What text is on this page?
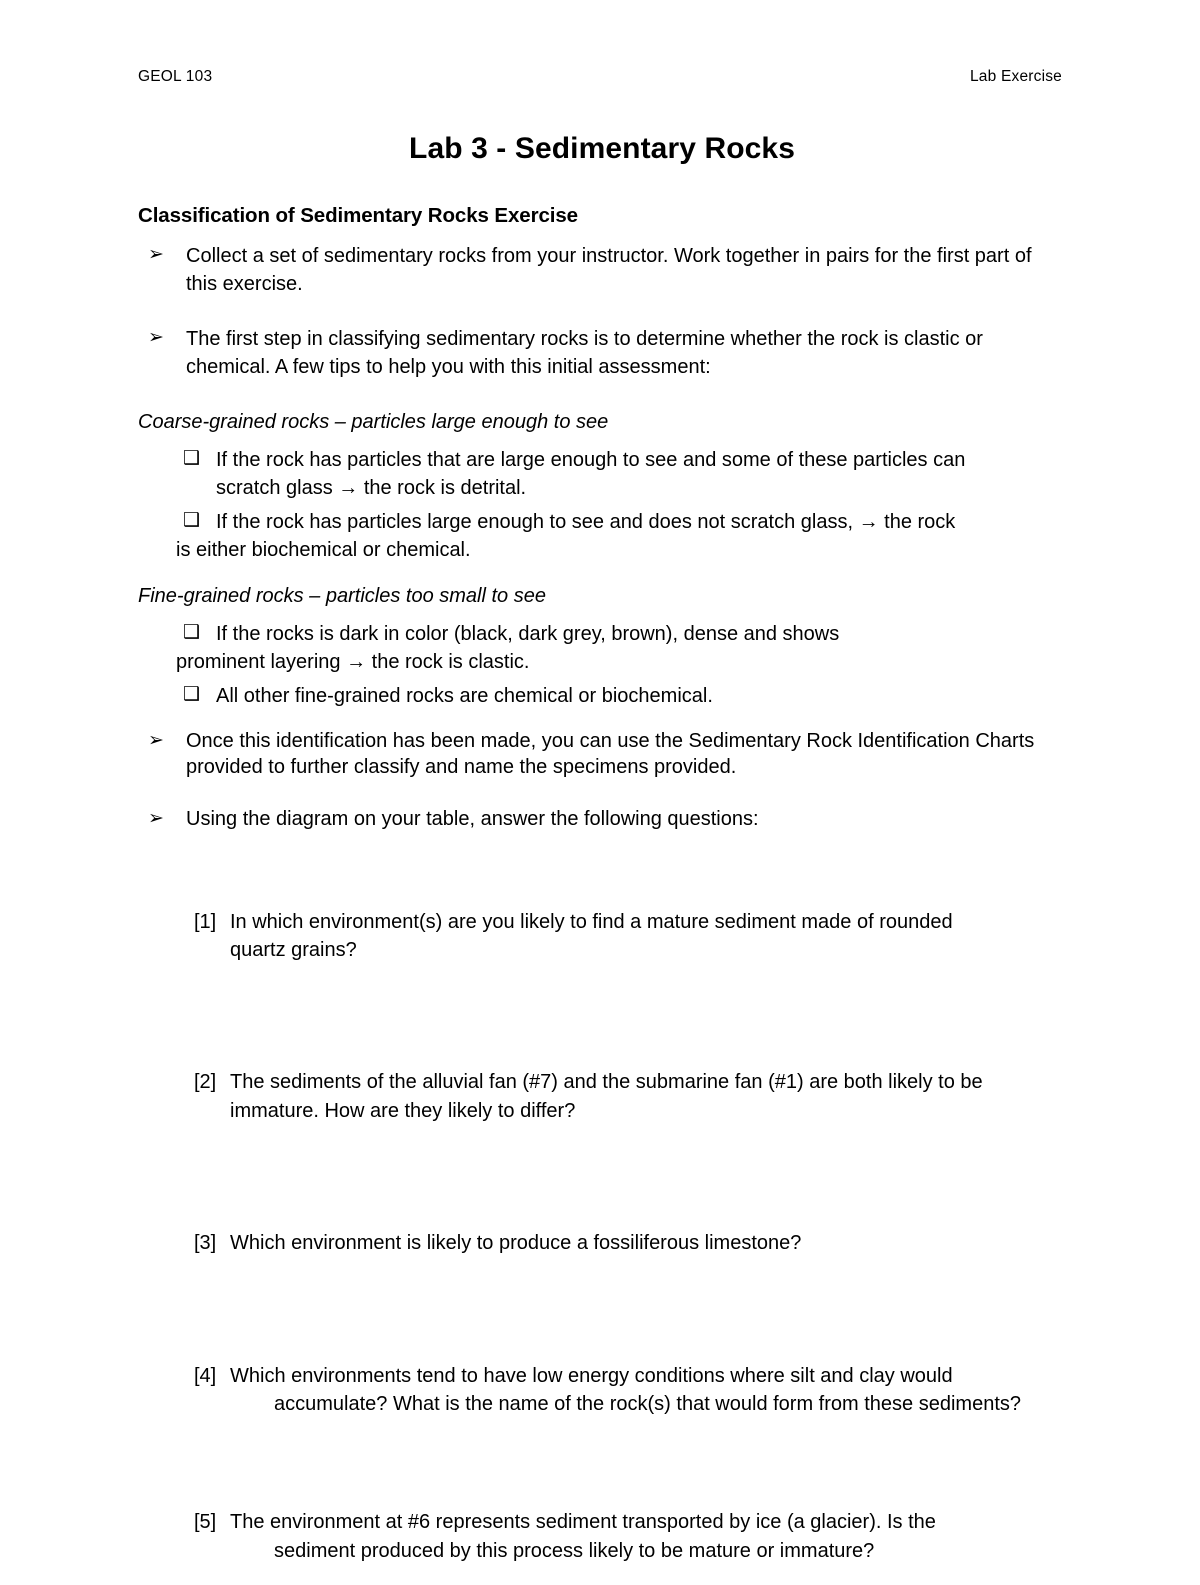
GEOL 103	Lab Exercise
Lab 3 - Sedimentary Rocks
Classification of Sedimentary Rocks Exercise
➢ Collect a set of sedimentary rocks from your instructor. Work together in pairs for the first part of this exercise.

➢ The first step in classifying sedimentary rocks is to determine whether the rock is clastic or chemical. A few tips to help you with this initial assessment:

Coarse-grained rocks – particles large enough to see
❑ If the rock has particles that are large enough to see and some of these particles can
scratch glass → the rock is detrital.
❑ If the rock has particles large enough to see and does not scratch glass, → the rock
is either biochemical or chemical.
Fine-grained rocks – particles too small to see
❑ If the rocks is dark in color (black, dark grey, brown), dense and shows
prominent layering → the rock is clastic.
❑ All other fine-grained rocks are chemical or biochemical.
➢ Once this identification has been made, you can use the Sedimentary Rock Identification Charts provided to further classify and name the specimens provided.

➢ Using the diagram on your table, answer the following questions:

[1] In which environment(s) are you likely to find a mature sediment made of rounded
quartz grains?
[2] The sediments of the alluvial fan (#7) and the submarine fan (#1) are both likely to be
immature. How are they likely to differ?
[3] Which environment is likely to produce a fossiliferous limestone?
[4] Which environments tend to have low energy conditions where silt and clay would
accumulate? What is the name of the rock(s) that would form from these sediments?
[5] The environment at #6 represents sediment transported by ice (a glacier). Is the
sediment produced by this process likely to be mature or immature?
